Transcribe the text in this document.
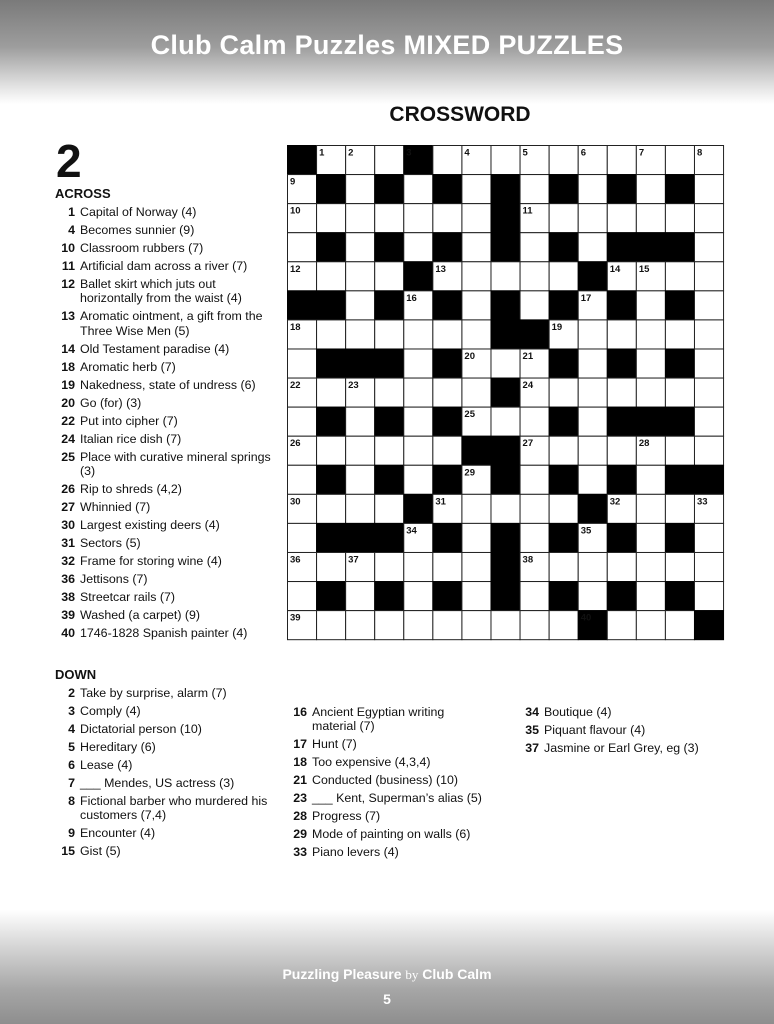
Club Calm Puzzles MIXED PUZZLES
CROSSWORD
2
ACROSS
1 Capital of Norway (4)
4 Becomes sunnier (9)
10 Classroom rubbers (7)
11 Artificial dam across a river (7)
12 Ballet skirt which juts out horizontally from the waist (4)
13 Aromatic ointment, a gift from the Three Wise Men (5)
14 Old Testament paradise (4)
18 Aromatic herb (7)
19 Nakedness, state of undress (6)
20 Go (for) (3)
22 Put into cipher (7)
24 Italian rice dish (7)
25 Place with curative mineral springs (3)
26 Rip to shreds (4,2)
27 Whinnied (7)
30 Largest existing deers (4)
31 Sectors (5)
32 Frame for storing wine (4)
36 Jettisons (7)
38 Streetcar rails (7)
39 Washed (a carpet) (9)
40 1746-1828 Spanish painter (4)
DOWN
2 Take by surprise, alarm (7)
3 Comply (4)
4 Dictatorial person (10)
5 Hereditary (6)
6 Lease (4)
7 ___ Mendes, US actress (3)
8 Fictional barber who murdered his customers (7,4)
9 Encounter (4)
15 Gist (5)
16 Ancient Egyptian writing material (7)
17 Hunt (7)
18 Too expensive (4,3,4)
21 Conducted (business) (10)
23 ___ Kent, Superman’s alias (5)
28 Progress (7)
29 Mode of painting on walls (6)
33 Piano levers (4)
34 Boutique (4)
35 Piquant flavour (4)
37 Jasmine or Earl Grey, eg (3)
1	2	3	4	5	6	7	8
9
10	11
12	13	14 15
16	17
18	19
20	21
22	23	24
25
26	27	28
29
30	31	32	33
34	35
36	37	38
39	40
Puzzling Pleasure by Club Calm
5
